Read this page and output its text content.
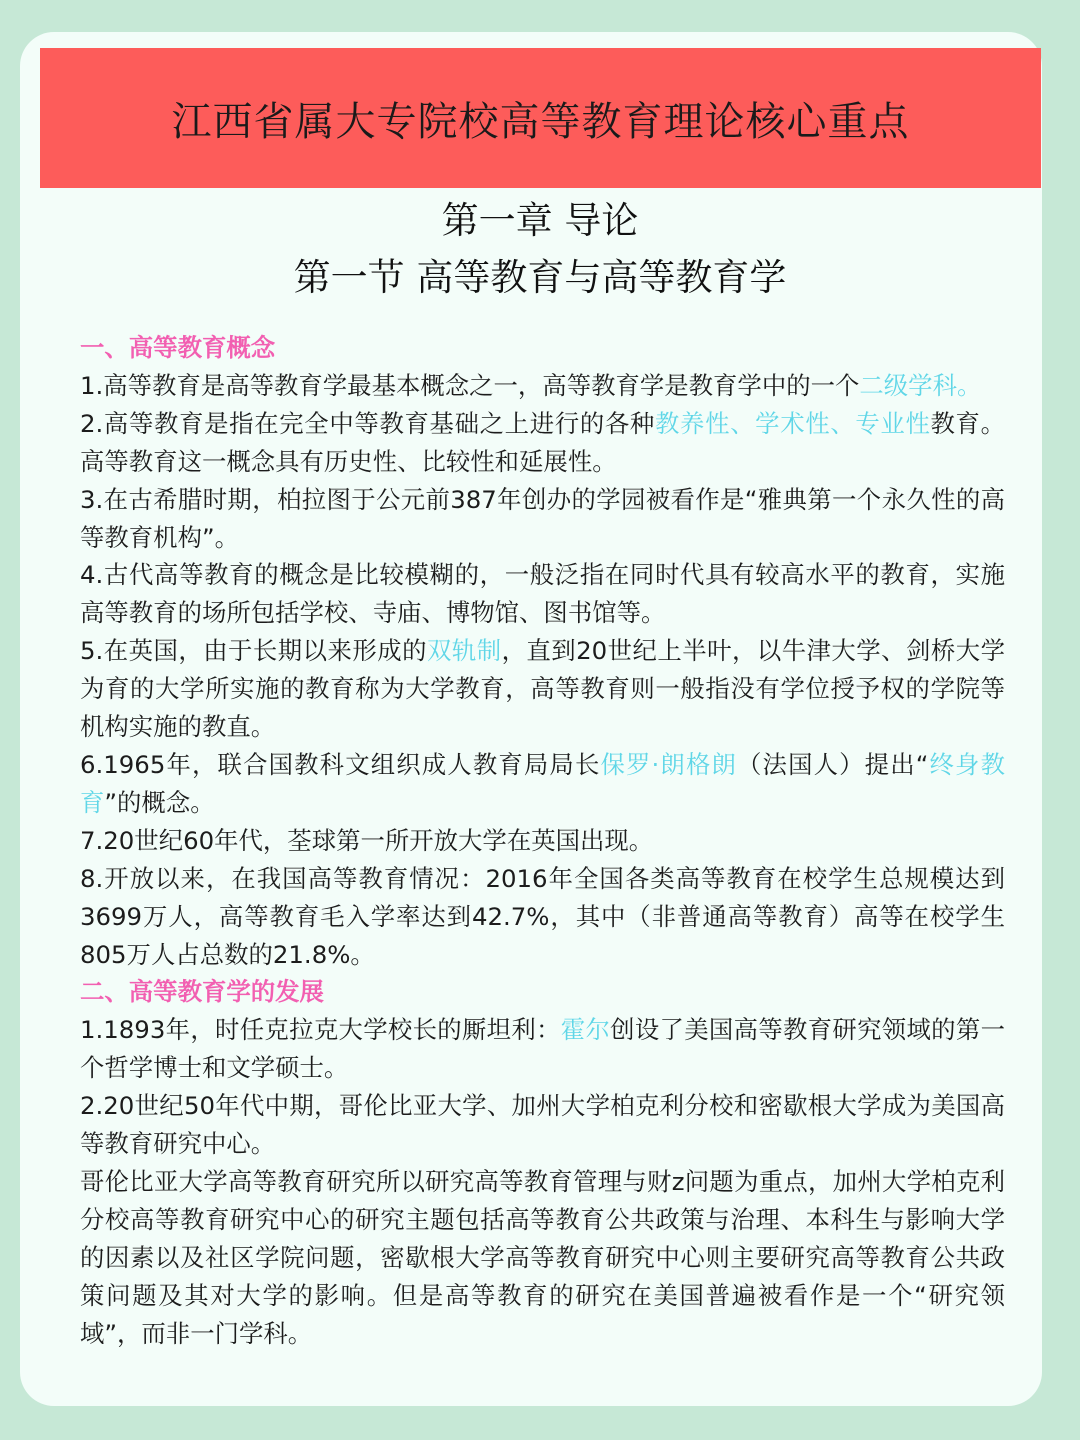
江西省属大专院校高等教育理论核心重点
第一章 导论
第一节 高等教育与高等教育学

一、高等教育概念

1.高等教育是高等教育学最基本概念之一，高等教育学是教育学中的一个二级学科。

2.高等教育是指在完全中等教育基础之上进行的各种教养性、学术性、专业性教育。高等教育这一概念具有历史性、比较性和延展性。

3.在古希腊时期，柏拉图于公元前387年创办的学园被看作是“雅典第一个永久性的高等教育机构”。

4.古代高等教育的概念是比较模糊的，一般泛指在同时代具有较高水平的教育，实施高等教育的场所包括学校、寺庙、博物馆、图书馆等。

5.在英国，由于长期以来形成的双轨制，直到20世纪上半叶，以牛津大学、剑桥大学为育的大学所实施的教育称为大学教育，高等教育则一般指没有学位授予权的学院等机构实施的教直。

6.1965年，联合国教科文组织成人教育局局长保罗·朗格朗（法国人）提出“终身教育”的概念。

7.20世纪60年代，荃球第一所开放大学在英国出现。

8.开放以来，在我国高等教育情况：2016年全国各类高等教育在校学生总规模达到3699万人，高等教育毛入学率达到42.7%，其中（非普通高等教育）高等在校学生805万人占总数的21.8%。

二、高等教育学的发展

1.1893年，时任克拉克大学校长的厮坦利：霍尔创设了美国高等教育研究领域的第一个哲学博士和文学硕士。

2.20世纪50年代中期，哥伦比亚大学、加州大学柏克利分校和密歇根大学成为美国高等教育研究中心。

哥伦比亚大学高等教育研究所以研究高等教育管理与财z问题为重点，加州大学柏克利分校高等教育研究中心的研究主题包括高等教育公共政策与治理、本科生与影响大学的因素以及社区学院问题，密歇根大学高等教育研究中心则主要研究高等教育公共政策问题及其对大学的影响。但是高等教育的研究在美国普遍被看作是一个“研究领域”，而非一门学科。
